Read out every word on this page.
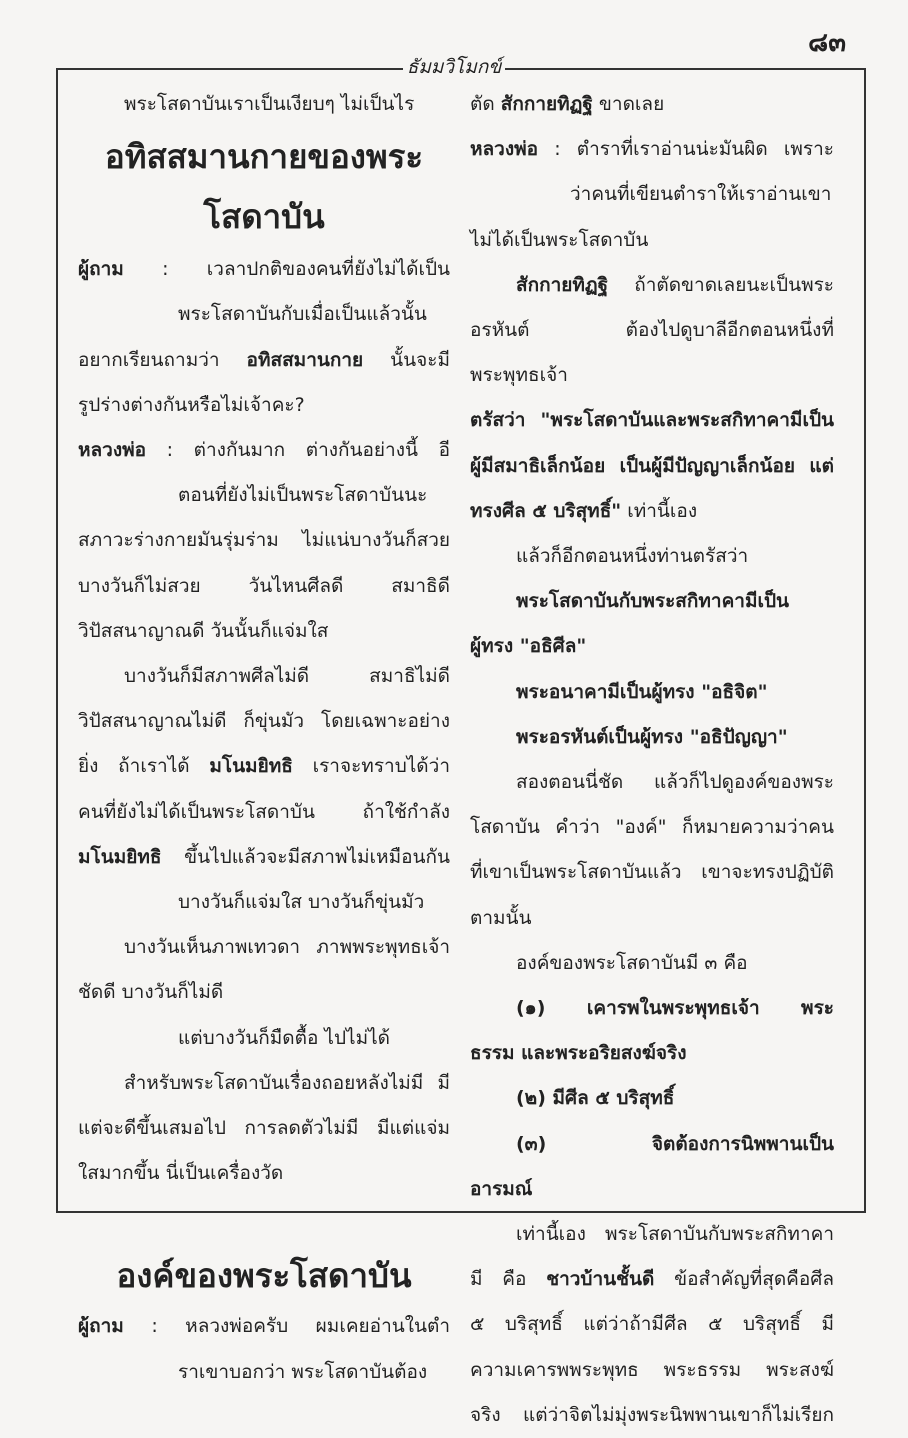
๘๓
ธัมมวิโมกข์
พระโสดาบันเราเป็นเงียบๆ ไม่เป็นไร
อทิสสมานกายของพระโสดาบัน
ผู้ถาม : เวลาปกติของคนที่ยังไม่ได้เป็น
พระโสดาบันกับเมื่อเป็นแล้วนั้น
อยากเรียนถามว่า อทิสสมานกาย นั้นจะมี
รูปร่างต่างกันหรือไม่เจ้าคะ?
หลวงพ่อ : ต่างกันมาก ต่างกันอย่างนี้ อี
ตอนที่ยังไม่เป็นพระโสดาบันนะ
สภาวะร่างกายมันรุ่มร่าม ไม่แน่บางวันก็สวย
บางวันก็ไม่สวย วันไหนศีลดี สมาธิดี
วิปัสสนาญาณดี วันนั้นก็แจ่มใส
บางวันก็มีสภาพศีลไม่ดี สมาธิไม่ดี
วิปัสสนาญาณไม่ดี ก็ขุ่นมัว โดยเฉพาะอย่าง
ยิ่ง ถ้าเราได้ มโนมยิทธิ เราจะทราบได้ว่า
คนที่ยังไม่ได้เป็นพระโสดาบัน ถ้าใช้กำลัง
มโนมยิทธิ ขึ้นไปแล้วจะมีสภาพไม่เหมือนกัน
บางวันก็แจ่มใส บางวันก็ขุ่นมัว
บางวันเห็นภาพเทวดา ภาพพระพุทธเจ้า
ชัดดี บางวันก็ไม่ดี
แต่บางวันก็มืดตื้อ ไปไม่ได้
สำหรับพระโสดาบันเรื่องถอยหลังไม่มี มี
แต่จะดีขึ้นเสมอไป การลดตัวไม่มี มีแต่แจ่ม
ใสมากขึ้น นี่เป็นเครื่องวัด
องค์ของพระโสดาบัน
ผู้ถาม : หลวงพ่อครับ ผมเคยอ่านในตำ
ราเขาบอกว่า พระโสดาบันต้อง
ตัด สักกายทิฏฐิ ขาดเลย
หลวงพ่อ : ตำราที่เราอ่านน่ะมันผิด เพราะ
ว่าคนที่เขียนตำราให้เราอ่านเขา
ไม่ได้เป็นพระโสดาบัน
สักกายทิฏฐิ ถ้าตัดขาดเลยนะเป็นพระ
อรหันต์ ต้องไปดูบาลีอีกตอนหนึ่งที่พระพุทธเจ้า
ตรัสว่า "พระโสดาบันและพระสกิทาคามีเป็น
ผู้มีสมาธิเล็กน้อย เป็นผู้มีปัญญาเล็กน้อย แต่
ทรงศีล ๕ บริสุทธิ์" เท่านี้เอง
แล้วก็อีกตอนหนึ่งท่านตรัสว่า
พระโสดาบันกับพระสกิทาคามีเป็น
ผู้ทรง "อธิศีล"
พระอนาคามีเป็นผู้ทรง "อธิจิต"
พระอรหันต์เป็นผู้ทรง "อธิปัญญา"
สองตอนนี่ชัด แล้วก็ไปดูองค์ของพระ
โสดาบัน คำว่า "องค์" ก็หมายความว่าคน
ที่เขาเป็นพระโสดาบันแล้ว เขาจะทรงปฏิบัติ
ตามนั้น
องค์ของพระโสดาบันมี ๓ คือ
(๑) เคารพในพระพุทธเจ้า พระ
ธรรม และพระอริยสงฆ์จริง
(๒) มีศีล ๕ บริสุทธิ์
(๓) จิตต้องการนิพพานเป็น
อารมณ์
เท่านี้เอง พระโสดาบันกับพระสกิทาคา
มี คือ ชาวบ้านชั้นดี ข้อสำคัญที่สุดคือศีล
๕ บริสุทธิ์ แต่ว่าถ้ามีศีล ๕ บริสุทธิ์ มี
ความเคารพพระพุทธ พระธรรม พระสงฆ์
จริง แต่ว่าจิตไม่มุ่งพระนิพพานเขาก็ไม่เรียก
